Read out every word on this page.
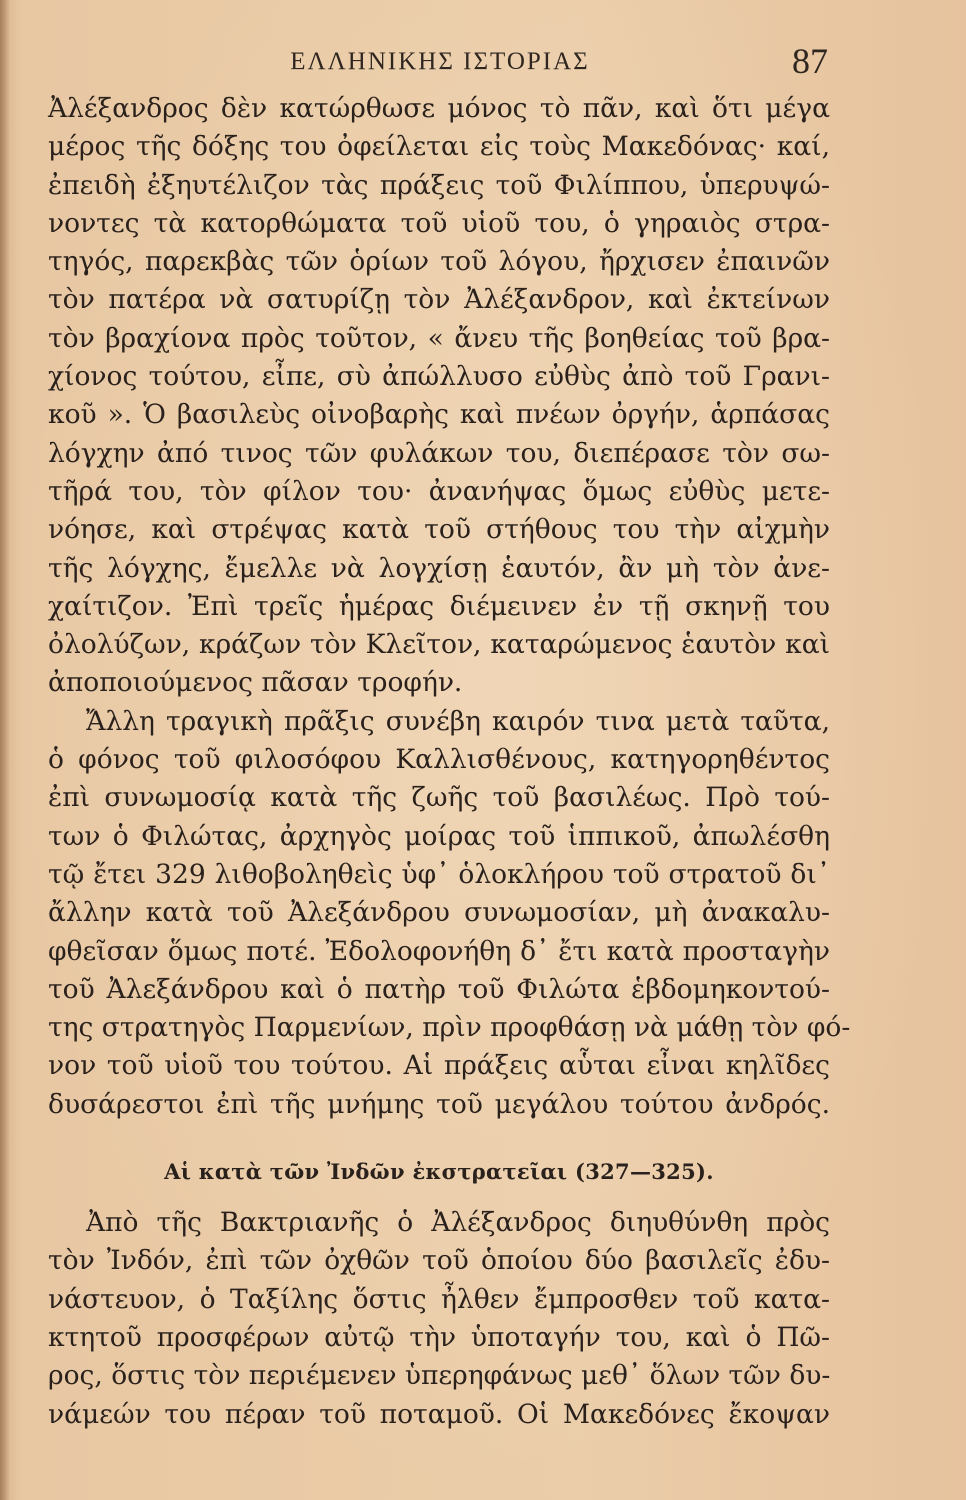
ΕΛΛΗΝΙΚΗΣ ΙΣΤΟΡΙΑΣ	87
Ἀλέξανδρος δὲν κατώρθωσε μόνος τὸ πᾶν, καὶ ὅτι μέγα
μέρος τῆς δόξης του ὀφείλεται εἰς τοὺς Μακεδόνας· καί,
ἐπειδὴ ἐξηυτέλιζον τὰς πράξεις τοῦ Φιλίππου, ὑπερυψώ-
νοντες τὰ κατορθώματα τοῦ υἱοῦ του, ὁ γηραιὸς στρα-
τηγός, παρεκβὰς τῶν ὁρίων τοῦ λόγου, ἤρχισεν ἐπαινῶν
τὸν πατέρα νὰ σατυρίζῃ τὸν Ἀλέξανδρον, καὶ ἐκτείνων
τὸν βραχίονα πρὸς τοῦτον, « ἄνευ τῆς βοηθείας τοῦ βρα-
χίονος τούτου, εἶπε, σὺ ἀπώλλυσο εὐθὺς ἀπὸ τοῦ Γρανι-
κοῦ ». Ὁ βασιλεὺς οἰνοβαρὴς καὶ πνέων ὀργήν, ἁρπάσας
λόγχην ἀπό τινος τῶν φυλάκων του, διεπέρασε τὸν σω-
τῆρά του, τὸν φίλον του· ἀνανήψας ὅμως εὐθὺς μετε-
νόησε, καὶ στρέψας κατὰ τοῦ στήθους του τὴν αἰχμὴν
τῆς λόγχης, ἔμελλε νὰ λογχίσῃ ἑαυτόν, ἂν μὴ τὸν ἀνε-
χαίτιζον. Ἐπὶ τρεῖς ἡμέρας διέμεινεν ἐν τῇ σκηνῇ του
ὀλολύζων, κράζων τὸν Κλεῖτον, καταρώμενος ἑαυτὸν καὶ
ἀποποιούμενος πᾶσαν τροφήν.
Ἄλλη τραγικὴ πρᾶξις συνέβη καιρόν τινα μετὰ ταῦτα,
ὁ φόνος τοῦ φιλοσόφου Καλλισθένους, κατηγορηθέντος
ἐπὶ συνωμοσίᾳ κατὰ τῆς ζωῆς τοῦ βασιλέως. Πρὸ τού-
των ὁ Φιλώτας, ἀρχηγὸς μοίρας τοῦ ἱππικοῦ, ἀπωλέσθη
τῷ ἔτει 329 λιθοβοληθεὶς ὑφ᾽ ὁλοκλήρου τοῦ στρατοῦ δι᾽
ἄλλην κατὰ τοῦ Ἀλεξάνδρου συνωμοσίαν, μὴ ἀνακαλυ-
φθεῖσαν ὅμως ποτέ. Ἐδολοφονήθη δ᾽ ἔτι κατὰ προσταγὴν
τοῦ Ἀλεξάνδρου καὶ ὁ πατὴρ τοῦ Φιλώτα ἑβδομηκοντού-
της στρατηγὸς Παρμενίων, πρὶν προφθάσῃ νὰ μάθῃ τὸν φό-
νον τοῦ υἱοῦ του τούτου. Αἱ πράξεις αὗται εἶναι κηλῖδες
δυσάρεστοι ἐπὶ τῆς μνήμης τοῦ μεγάλου τούτου ἀνδρός.
Αἱ κατὰ τῶν Ἰνδῶν ἐκστρατεῖαι (327—325).
Ἀπὸ τῆς Βακτριανῆς ὁ Ἀλέξανδρος διηυθύνθη πρὸς
τὸν Ἰνδόν, ἐπὶ τῶν ὀχθῶν τοῦ ὁποίου δύο βασιλεῖς ἐδυ-
νάστευον, ὁ Ταξίλης ὅστις ἦλθεν ἔμπροσθεν τοῦ κατα-
κτητοῦ προσφέρων αὐτῷ τὴν ὑποταγήν του, καὶ ὁ Πῶ-
ρος, ὅστις τὸν περιέμενεν ὑπερηφάνως μεθ᾽ ὅλων τῶν δυ-
νάμεών του πέραν τοῦ ποταμοῦ. Οἱ Μακεδόνες ἔκοψαν
